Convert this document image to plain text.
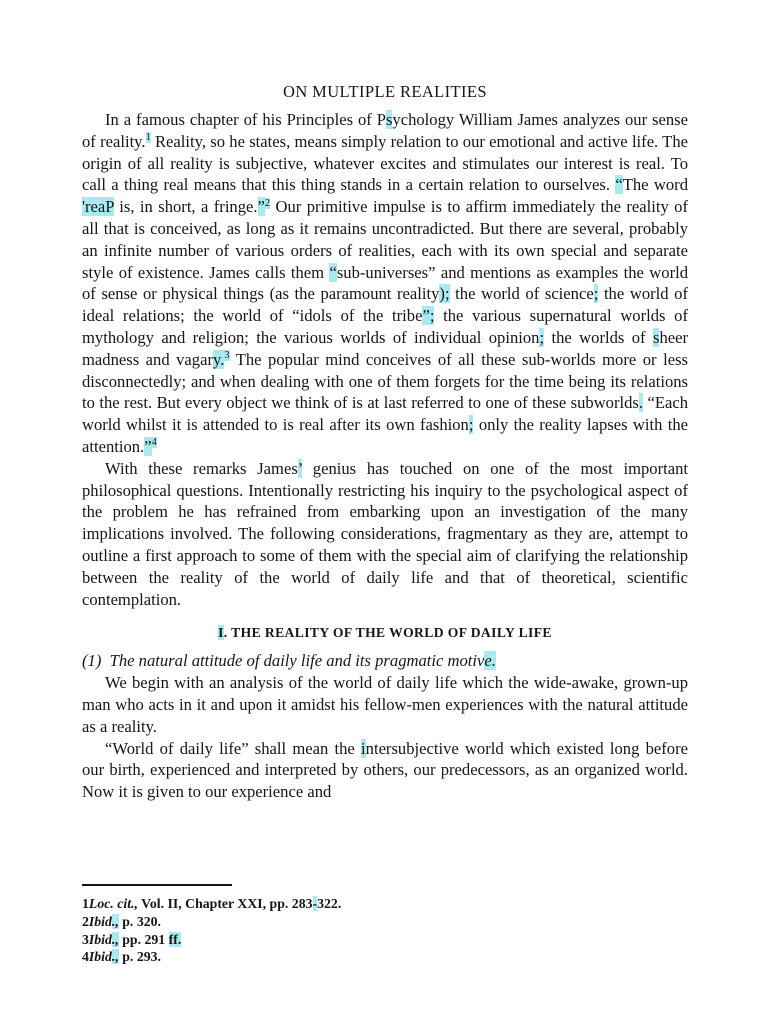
ON MULTIPLE REALITIES

In a famous chapter of his Principles of Psychology William James analyzes our sense of reality.$^1$ Reality, so he states, means simply relation to our emotional and active life. The origin of all reality is subjective, whatever excites and stimulates our interest is real. To call a thing real means that this thing stands in a certain relation to ourselves. “The word 'reaP is, in short, a fringe.”$^2$ Our primitive impulse is to affirm immediately the reality of all that is conceived, as long as it remains uncontradicted. But there are several, probably an infinite number of various orders of realities, each with its own special and separate style of existence. James calls them “sub-universes” and mentions as examples the world of sense or physical things (as the paramount reality); the world of science; the world of ideal relations; the world of “idols of the tribe”; the various supernatural worlds of mythology and religion; the various worlds of individual opinion; the worlds of sheer madness and vagary.$^3$ The popular mind conceives of all these sub-worlds more or less disconnectedly; and when dealing with one of them forgets for the time being its relations to the rest. But every object we think of is at last referred to one of these subworlds. “Each world whilst it is attended to is real after its own fashion; only the reality lapses with the attention.”$^4$

With these remarks James’ genius has touched on one of the most important philosophical questions. Intentionally restricting his inquiry to the psychological aspect of the problem he has refrained from embarking upon an investigation of the many implications involved. The following considerations, fragmentary as they are, attempt to outline a first approach to some of them with the special aim of clarifying the relationship between the reality of the world of daily life and that of theoretical, scientific contemplation.

I. THE REALITY OF THE WORLD OF DAILY LIFE
(1)  The natural attitude of daily life and its pragmatic motive.

We begin with an analysis of the world of daily life which the wide-awake, grown-up man who acts in it and upon it amidst his fellow-men experiences with the natural attitude as a reality.

“World of daily life” shall mean the intersubjective world which existed long before our birth, experienced and interpreted by others, our predecessors, as an organized world. Now it is given to our experience and

1Loc. cit., Vol. II, Chapter XXI, pp. 283-322.

2Ibid., p. 320.

3Ibid., pp. 291 ff.

4Ibid., p. 293.
